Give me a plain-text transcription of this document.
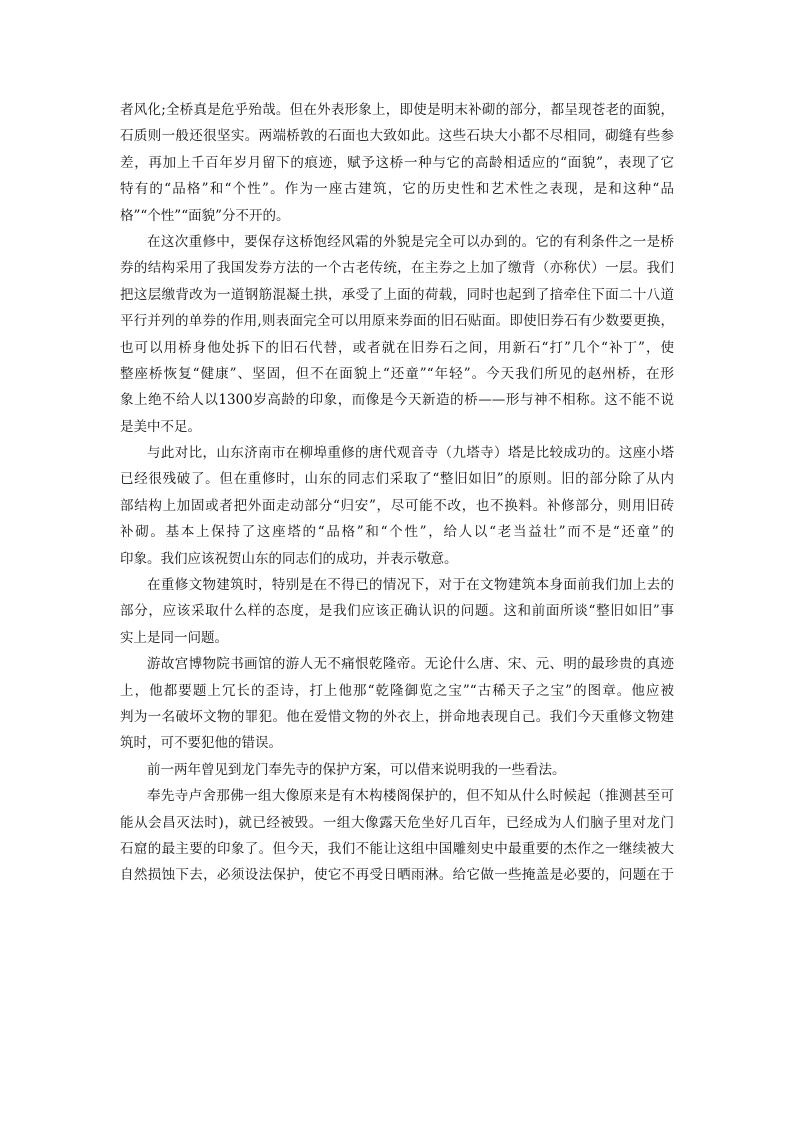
者风化;全桥真是危乎殆哉。但在外表形象上，即使是明末补砌的部分，都呈现苍老的面貌，
石质则一般还很坚实。两端桥敦的石面也大致如此。这些石块大小都不尽相同，砌缝有些参
差，再加上千百年岁月留下的痕迹，赋予这桥一种与它的高龄相适应的“面貌”，表现了它
特有的“品格”和“个性”。作为一座古建筑，它的历史性和艺术性之表现，是和这种“品
格”“个性”“面貌”分不开的。
在这次重修中，要保存这桥饱经风霜的外貌是完全可以办到的。它的有利条件之一是桥
券的结构采用了我国发券方法的一个古老传统，在主券之上加了缴背（亦称伏）一层。我们
把这层缴背改为一道钢筋混凝土拱，承受了上面的荷载，同时也起到了揞牵住下面二十八道
平行并列的单券的作用,则表面完全可以用原来券面的旧石贴面。即使旧券石有少数要更换，
也可以用桥身他处拆下的旧石代替，或者就在旧券石之间，用新石“打”几个“补丁”，使
整座桥恢复“健康”、坚固，但不在面貌上“还童”“年轻”。今天我们所见的赵州桥，在形
象上绝不给人以1300岁高龄的印象，而像是今天新造的桥——形与神不相称。这不能不说
是美中不足。
与此对比，山东济南市在柳埠重修的唐代观音寺（九塔寺）塔是比较成功的。这座小塔
已经很残破了。但在重修时，山东的同志们采取了“整旧如旧”的原则。旧的部分除了从内
部结构上加固或者把外面走动部分“归安”，尽可能不改，也不换料。补修部分，则用旧砖
补砌。基本上保持了这座塔的“品格”和“个性”，给人以“老当益壮”而不是“还童”的
印象。我们应该祝贺山东的同志们的成功，并表示敬意。
在重修文物建筑时，特别是在不得已的情况下，对于在文物建筑本身面前我们加上去的
部分，应该采取什么样的态度，是我们应该正确认识的问题。这和前面所谈“整旧如旧”事
实上是同一问题。
游故宫博物院书画馆的游人无不痛恨乾隆帝。无论什么唐、宋、元、明的最珍贵的真迹
上，他都要题上冗长的歪诗，打上他那“乾隆御览之宝”“古稀天子之宝”的图章。他应被
判为一名破坏文物的罪犯。他在爱惜文物的外衣上，拼命地表现自己。我们今天重修文物建
筑时，可不要犯他的错误。
前一两年曾见到龙门奉先寺的保护方案，可以借来说明我的一些看法。
奉先寺卢舍那佛一组大像原来是有木构楼阁保护的，但不知从什么时候起（推测甚至可
能从会昌灭法时)，就已经被毁。一组大像露天危坐好几百年，已经成为人们脑子里对龙门
石窟的最主要的印象了。但今天，我们不能让这组中国雕刻史中最重要的杰作之一继续被大
自然损蚀下去，必须设法保护，使它不再受日晒雨淋。给它做一些掩盖是必要的，问题在于
